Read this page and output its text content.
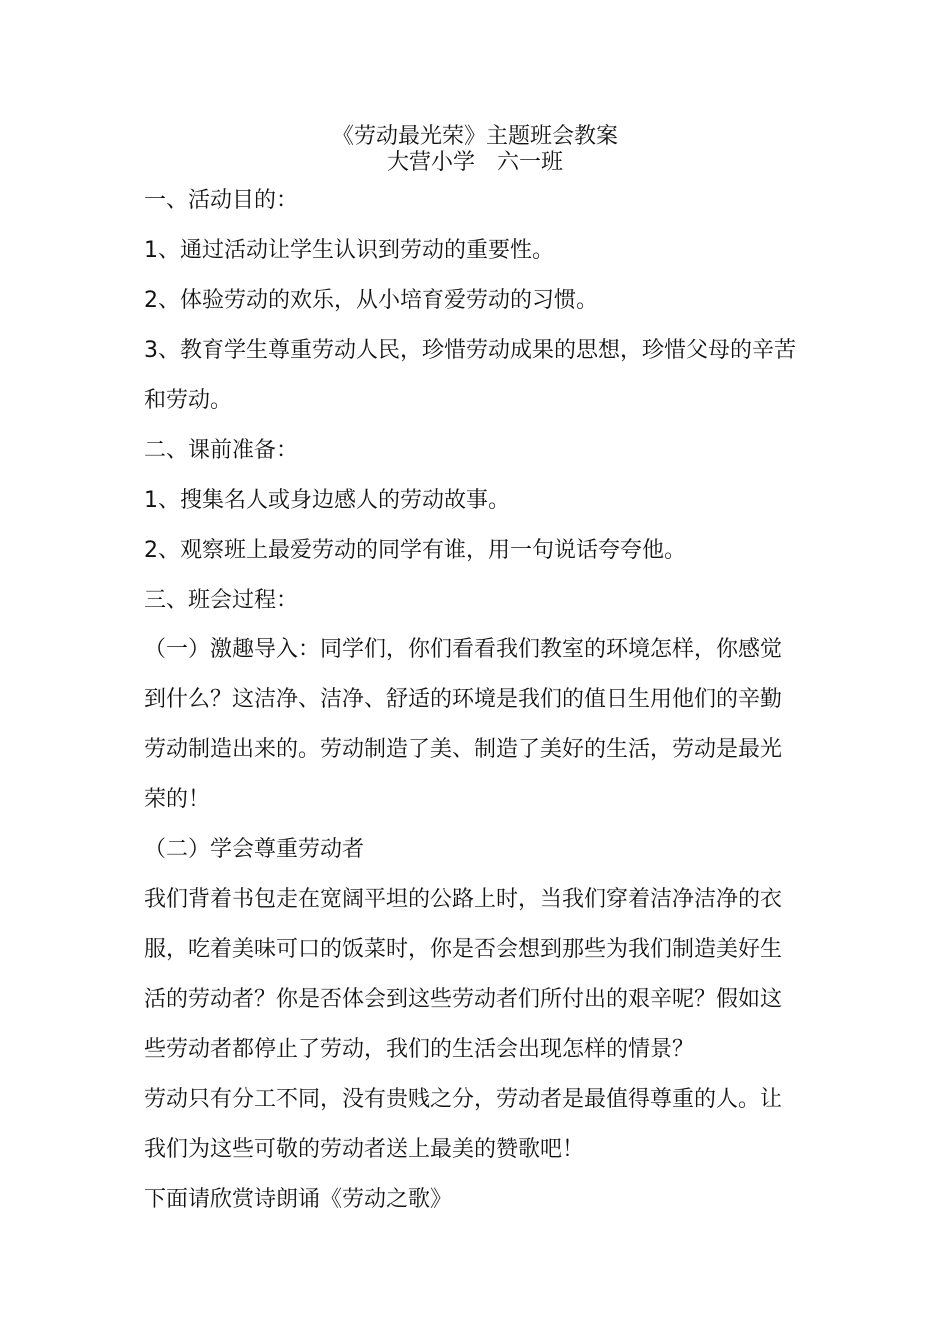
《劳动最光荣》主题班会教案
大营小学　六一班
一、活动目的：
1、通过活动让学生认识到劳动的重要性。
2、体验劳动的欢乐，从小培育爱劳动的习惯。
3、教育学生尊重劳动人民，珍惜劳动成果的思想，珍惜父母的辛苦
和劳动。
二、课前准备：
1、搜集名人或身边感人的劳动故事。
2、观察班上最爱劳动的同学有谁，用一句说话夸夸他。
三、班会过程：
（一）激趣导入：同学们，你们看看我们教室的环境怎样，你感觉
到什么？这洁净、洁净、舒适的环境是我们的值日生用他们的辛勤
劳动制造出来的。劳动制造了美、制造了美好的生活，劳动是最光
荣的！
（二）学会尊重劳动者
我们背着书包走在宽阔平坦的公路上时，当我们穿着洁净洁净的衣
服，吃着美味可口的饭菜时，你是否会想到那些为我们制造美好生
活的劳动者？你是否体会到这些劳动者们所付出的艰辛呢？假如这
些劳动者都停止了劳动，我们的生活会出现怎样的情景？
劳动只有分工不同，没有贵贱之分，劳动者是最值得尊重的人。让
我们为这些可敬的劳动者送上最美的赞歌吧！
下面请欣赏诗朗诵《劳动之歌》
